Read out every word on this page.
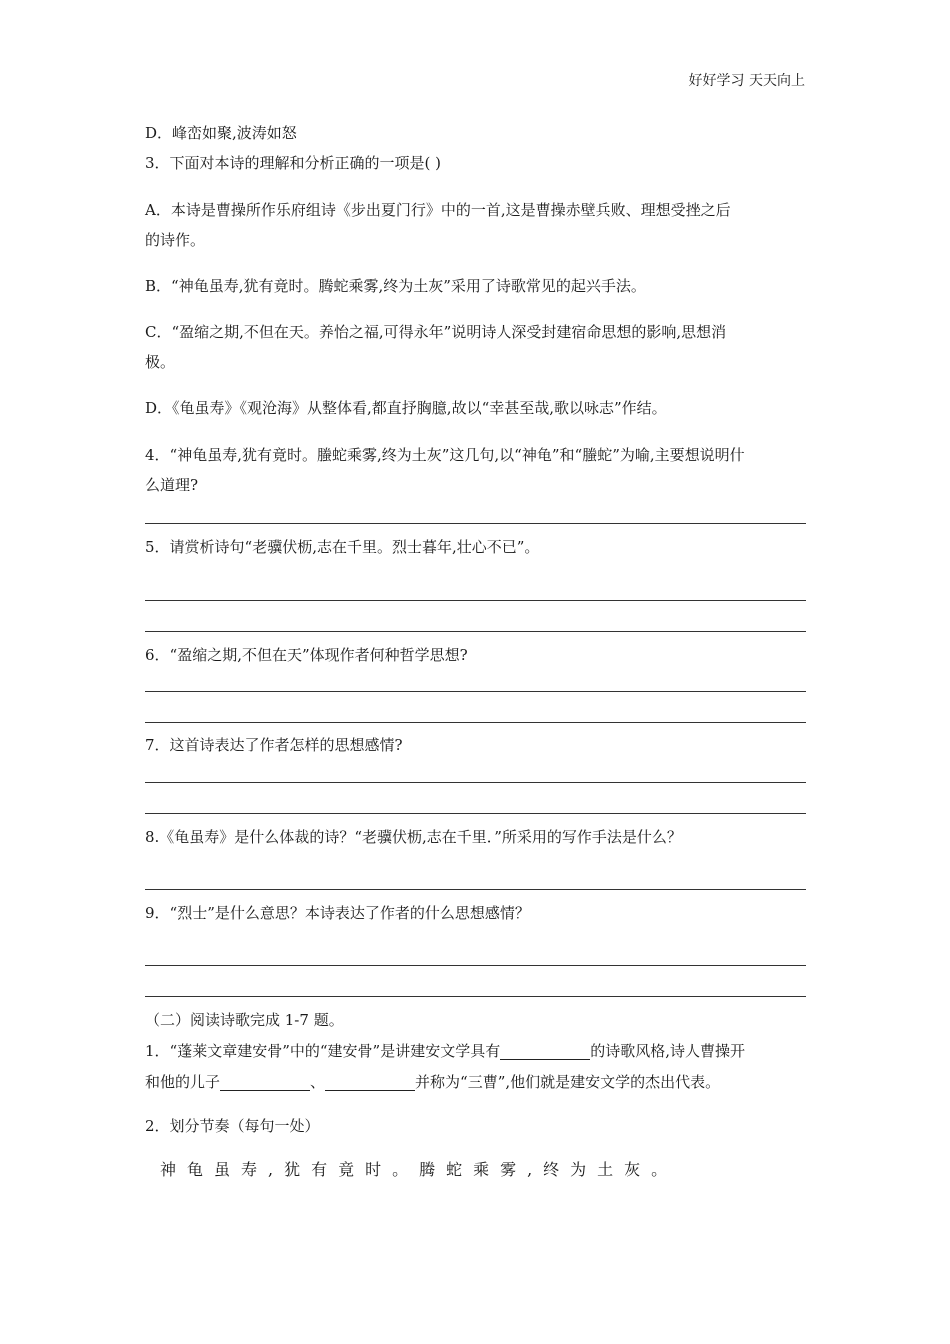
好好学习 天天向上
D．峰峦如聚,波涛如怒
3．下面对本诗的理解和分析正确的一项是( )
A．本诗是曹操所作乐府组诗《步出夏门行》中的一首,这是曹操赤壁兵败、理想受挫之后
的诗作。
B．“神龟虽寿,犹有竟时。腾蛇乘雾,终为土灰”采用了诗歌常见的起兴手法。
C．“盈缩之期,不但在天。养怡之福,可得永年”说明诗人深受封建宿命思想的影响,思想消
极。
D．《龟虽寿》《观沧海》从整体看,都直抒胸臆,故以“幸甚至哉,歌以咏志”作结。
4．“神龟虽寿,犹有竟时。螣蛇乘雾,终为土灰”这几句,以“神龟”和“螣蛇”为喻,主要想说明什
么道理?
5．请赏析诗句“老骥伏枥,志在千里。烈士暮年,壮心不已”。
6．“盈缩之期,不但在天”体现作者何种哲学思想?
7．这首诗表达了作者怎样的思想感情?
8.《龟虽寿》是什么体裁的诗？“老骥伏枥,志在千里．”所采用的写作手法是什么？
9．“烈士”是什么意思？本诗表达了作者的什么思想感情？
（二）阅读诗歌完成 1-7 题。
1．“蓬莱文章建安骨”中的“建安骨”是讲建安文学具有	的诗歌风格,诗人曹操开
和他的儿子	、	并称为“三曹”,他们就是建安文学的杰出代表。
2．划分节奏（每句一处）
神龟虽寿,犹有竟时。腾蛇乘雾,终为土灰。
